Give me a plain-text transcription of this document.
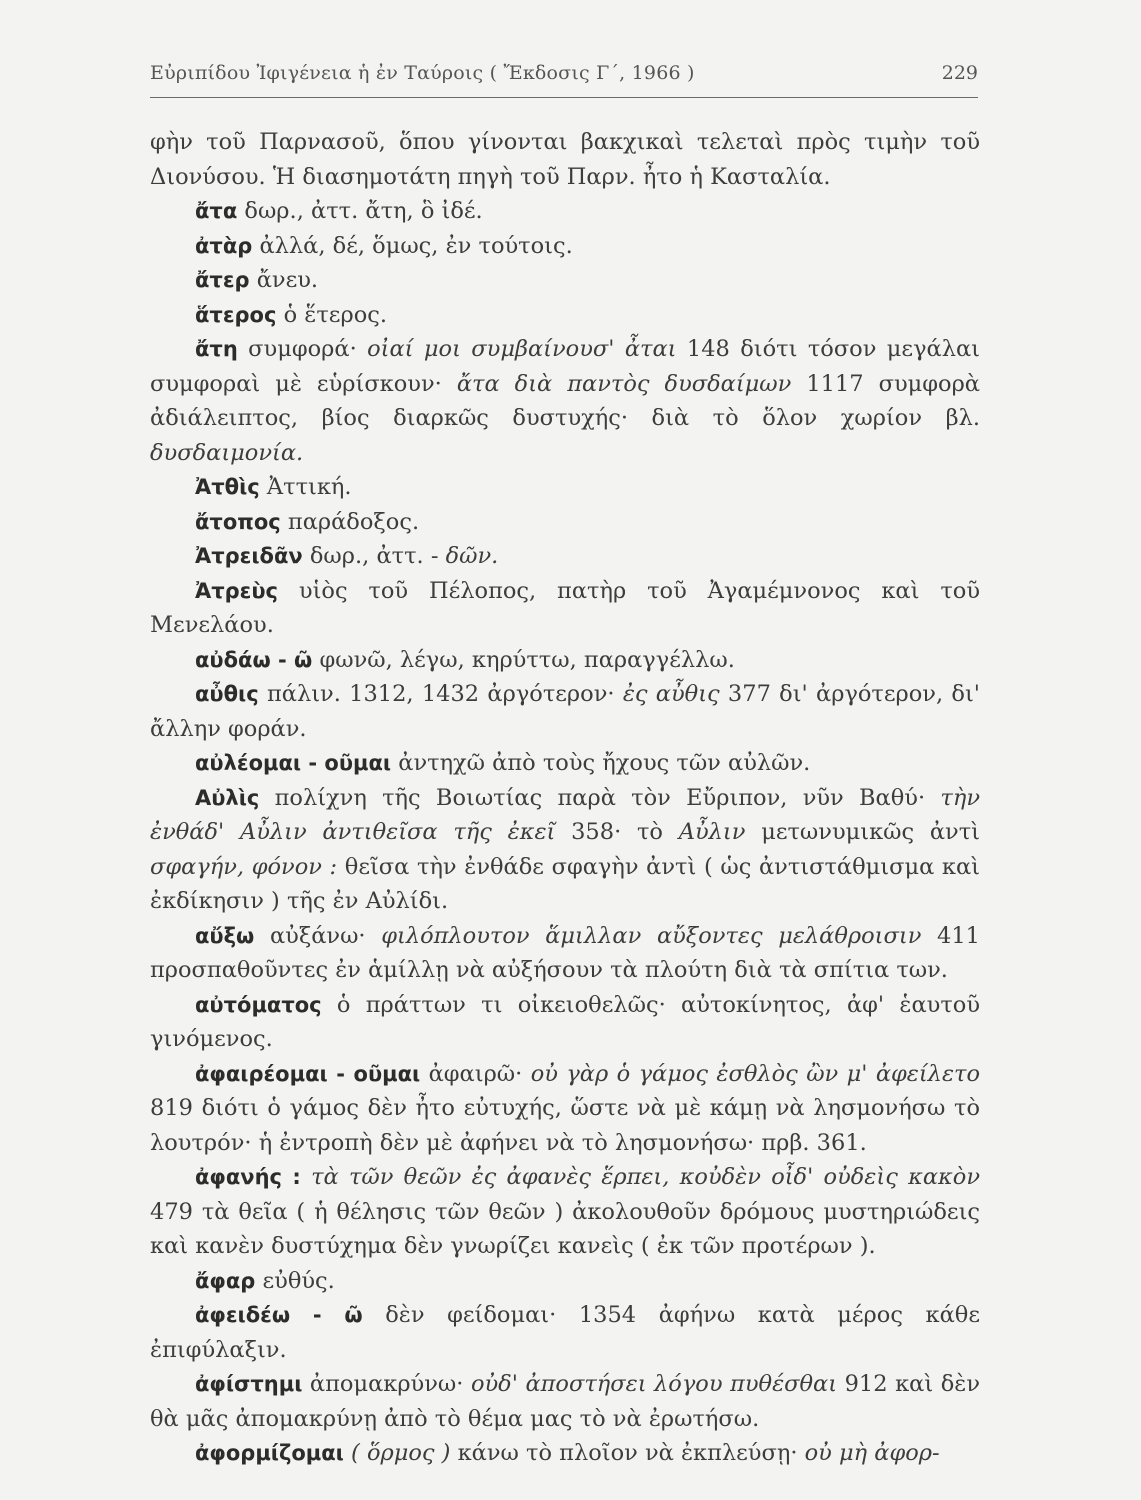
Εὐριπίδου Ἰφιγένεια ἡ ἐν Ταύροις ( Ἔκδοσις Γ΄, 1966 )	229

φὴν τοῦ Παρνασοῦ, ὅπου γίνονται βακχικαὶ τελεταὶ πρὸς τιμὴν τοῦ Διονύσου. Ἡ διασημοτάτη πηγὴ τοῦ Παρν. ἦτο ἡ Κασταλία.

ἄτα δωρ., ἀττ. ἄτη, ὃ ἰδέ.

ἀτὰρ ἀλλά, δέ, ὅμως, ἐν τούτοις.

ἄτερ ἄνευ.

ἅτερος ὁ ἕτερος.

ἄτη συμφορά· οἰαί μοι συμβαίνουσ' ἆται 148 διότι τόσον μεγάλαι συμφοραὶ μὲ εὑρίσκουν· ἄτα διὰ παντὸς δυσδαίμων 1117 συμφορὰ ἀδιάλειπτος, βίος διαρκῶς δυστυχής· διὰ τὸ ὅλον χωρίον βλ. δυσδαιμονία.

Ἀτθὶς Ἀττική.

ἄτοπος παράδοξος.

Ἀτρειδᾶν δωρ., ἀττ. - δῶν.

Ἀτρεὺς υἱὸς τοῦ Πέλοπος, πατὴρ τοῦ Ἀγαμέμνονος καὶ τοῦ Μενελάου.

αὐδάω - ῶ φωνῶ, λέγω, κηρύττω, παραγγέλλω.

αὖθις πάλιν. 1312, 1432 ἀργότερον· ἐς αὖθις 377 δι' ἀργότερον, δι' ἄλλην φοράν.

αὐλέομαι - οῦμαι ἀντηχῶ ἀπὸ τοὺς ἤχους τῶν αὐλῶν.

Αὐλὶς πολίχνη τῆς Βοιωτίας παρὰ τὸν Εὔριπον, νῦν Βαθύ· τὴν ἐνθάδ' Αὖλιν ἀντιθεῖσα τῆς ἐκεῖ 358· τὸ Αὖλιν μετωνυμικῶς ἀντὶ σφαγήν, φόνον : θεῖσα τὴν ἐνθάδε σφαγὴν ἀντὶ ( ὡς ἀντιστάθμισμα καὶ ἐκδίκησιν ) τῆς ἐν Αὐλίδι.

αὔξω αὐξάνω· φιλόπλουτον ἅμιλλαν αὔξοντες μελάθροισιν 411 προσπαθοῦντες ἐν ἁμίλλῃ νὰ αὐξήσουν τὰ πλούτη διὰ τὰ σπίτια των.

αὐτόματος ὁ πράττων τι οἰκειοθελῶς· αὐτοκίνητος, ἀφ' ἑαυτοῦ γινόμενος.

ἀφαιρέομαι - οῦμαι ἀφαιρῶ· οὐ γὰρ ὁ γάμος ἐσθλὸς ὢν μ' ἀφείλετο 819 διότι ὁ γάμος δὲν ἦτο εὐτυχής, ὥστε νὰ μὲ κάμῃ νὰ λησμονήσω τὸ λουτρόν· ἡ ἐντροπὴ δὲν μὲ ἀφήνει νὰ τὸ λησμονήσω· πρβ. 361.

ἀφανής : τὰ τῶν θεῶν ἐς ἀφανὲς ἕρπει, κοὐδὲν οἶδ' οὐδεὶς κακὸν 479 τὰ θεῖα ( ἡ θέλησις τῶν θεῶν ) ἀκολουθοῦν δρόμους μυστηριώδεις καὶ κανὲν δυστύχημα δὲν γνωρίζει κανεὶς ( ἐκ τῶν προτέρων ).

ἄφαρ εὐθύς.

ἀφειδέω - ῶ δὲν φείδομαι· 1354 ἀφήνω κατὰ μέρος κάθε ἐπιφύλαξιν.

ἀφίστημι ἀπομακρύνω· οὐδ' ἀποστήσει λόγου πυθέσθαι 912 καὶ δὲν θὰ μᾶς ἀπομακρύνῃ ἀπὸ τὸ θέμα μας τὸ νὰ ἐρωτήσω.

ἀφορμίζομαι ( ὅρμος ) κάνω τὸ πλοῖον νὰ ἐκπλεύσῃ· οὐ μὴ ἀφορ-
